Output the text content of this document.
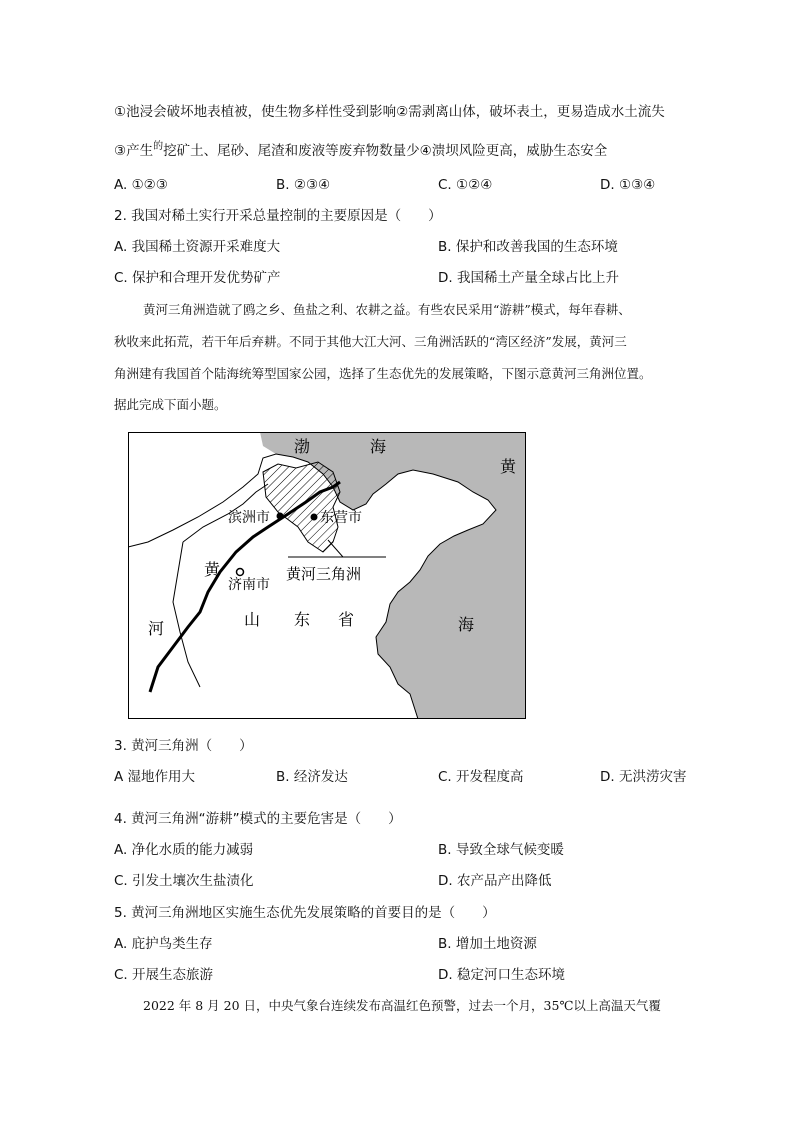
①池浸会破坏地表植被，使生物多样性受到影响②需剥离山体，破坏表土，更易造成水土流失
③产生$^的$挖矿土、尾砂、尾渣和废液等废弃物数量少④溃坝风险更高，威胁生态安全
A. ①②③	B. ②③④	C. ①②④	D. ①③④
2. 我国对稀土实行开采总量控制的主要原因是（　　）
A. 我国稀土资源开采难度大	B. 保护和改善我国的生态环境
C. 保护和合理开发优势矿产	D. 我国稀土产量全球占比上升
黄河三角洲造就了鸥之乡、鱼盐之利、农耕之益。有些农民采用“游耕”模式，每年春耕、
秋收来此拓荒，若干年后弃耕。不同于其他大江大河、三角洲活跃的“湾区经济”发展，黄河三
角洲建有我国首个陆海统筹型国家公园，选择了生态优先的发展策略，下图示意黄河三角洲位置。
据此完成下面小题。
渤	海
黄
海
滨洲市	东营市
济南市
黄河三角洲
黄
河	山 东 省
3. 黄河三角洲（　　）
A 湿地作用大	B. 经济发达	C. 开发程度高	D. 无洪涝灾害
4. 黄河三角洲“游耕”模式的主要危害是（　　）
A. 净化水质的能力减弱	B. 导致全球气候变暖
C. 引发土壤次生盐渍化	D. 农产品产出降低
5. 黄河三角洲地区实施生态优先发展策略的首要目的是（　　）
A. 庇护鸟类生存	B. 增加土地资源
C. 开展生态旅游	D. 稳定河口生态环境
2022 年 8 月 20 日，中央气象台连续发布高温红色预警，过去一个月，35℃以上高温天气覆
